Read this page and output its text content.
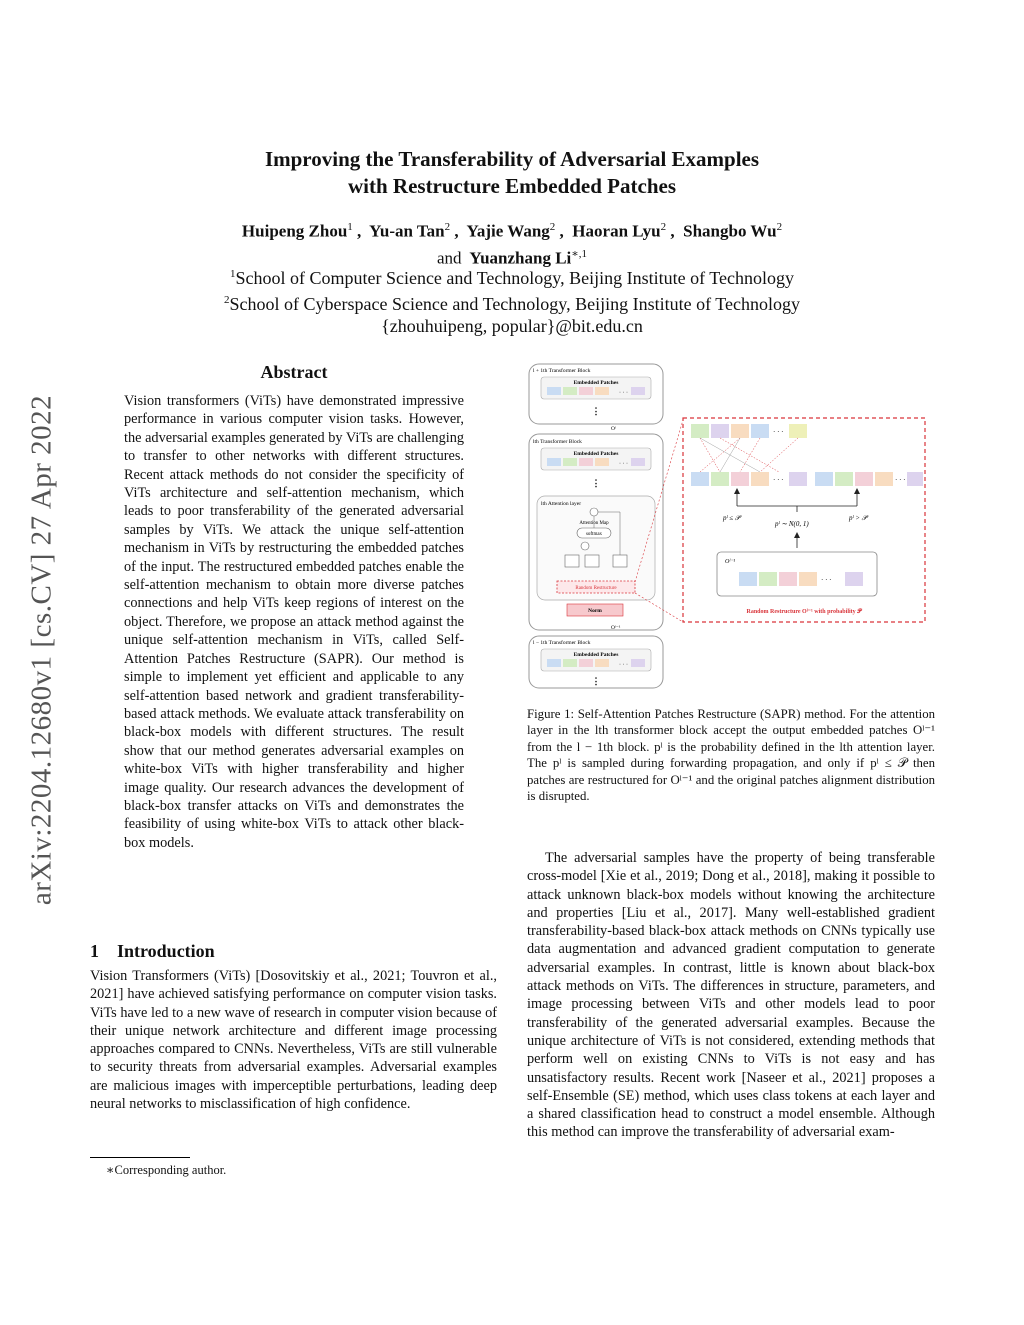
arXiv:2204.12680v1 [cs.CV] 27 Apr 2022
Improving the Transferability of Adversarial Examples
with Restructure Embedded Patches
Huipeng Zhou$^1$ ,  Yu-an Tan$^2$ ,  Yajie Wang$^2$ ,  Haoran Lyu$^2$ ,  Shangbo Wu$^2$
and Yuanzhang $Li^{∗,1}$
$^1$School of Computer Science and Technology, Beijing Institute of Technology
$^2$School of Cyberspace Science and Technology, Beijing Institute of Technology
{zhouhuipeng, popular}@bit.edu.cn
Abstract
Vision transformers (ViTs) have demonstrated impressive performance in various computer vision tasks. However, the adversarial examples generated by ViTs are challenging to transfer to other networks with different structures. Recent attack methods do not consider the specificity of ViTs architecture and self-attention mechanism, which leads to poor transferability of the generated adversarial samples by ViTs. We attack the unique self-attention mechanism in ViTs by restructuring the embedded patches of the input. The restructured embedded patches enable the self-attention mechanism to obtain more diverse patches connections and help ViTs keep regions of interest on the object. Therefore, we propose an attack method against the unique self-attention mechanism in ViTs, called Self-Attention Patches Restructure (SAPR). Our method is simple to implement yet efficient and applicable to any self-attention based network and gradient transferability-based attack methods. We evaluate attack transferability on black-box models with different structures. The result show that our method generates adversarial examples on white-box ViTs with higher transferability and higher image quality. Our research advances the development of black-box transfer attacks on ViTs and demonstrates the feasibility of using white-box ViTs to attack other black-box models.
1 Introduction
Vision Transformers (ViTs) [Dosovitskiy et al., 2021; Touvron et al., 2021] have achieved satisfying performance on computer vision tasks. ViTs have led to a new wave of research in computer vision because of their unique network architecture and different image processing approaches compared to CNNs. Nevertheless, ViTs are still vulnerable to security threats from adversarial examples. Adversarial examples are malicious images with imperceptible perturbations, leading deep neural networks to misclassification of high confidence.
∗Corresponding author.
l + 1th Transformer Block
Embedded Patches
· · ·
⋮
Oˡ
lth Transformer Block
Embedded Patches
· · ·
⋮
lth Attention layer
Attention Map
softmax
Random Restructure
Norm
Oˡ⁻¹
l − 1th Transformer Block
Embedded Patches
· · ·
⋮
· · ·
· · ·	· · ·
pˡ ≤ 𝒫	pˡ > 𝒫
pˡ ∼ N(0, 1)
Oˡ⁻¹
· · ·
Random Restructure Oˡ⁻¹ with probability 𝒫
Figure 1: Self-Attention Patches Restructure (SAPR) method. For the attention layer in the lth transformer block accept the output embedded patches Oˡ⁻¹ from the l − 1th block. pˡ is the probability defined in the lth attention layer. The pˡ is sampled during forwarding propagation, and only if pˡ ≤ 𝒫 then patches are restructured for Oˡ⁻¹ and the original patches alignment distribution is disrupted.

The adversarial samples have the property of being transferable cross-model [Xie et al., 2019; Dong et al., 2018], making it possible to attack unknown black-box models without knowing the architecture and properties [Liu et al., 2017]. Many well-established gradient transferability-based black-box attack methods on CNNs typically use data augmentation and advanced gradient computation to generate adversarial examples. In contrast, little is known about black-box attack methods on ViTs. The differences in structure, parameters, and image processing between ViTs and other models lead to poor transferability of the generated adversarial examples. Because the unique architecture of ViTs is not considered, extending methods that perform well on existing CNNs to ViTs is not easy and has unsatisfactory results. Recent work [Naseer et al., 2021] proposes a self-Ensemble (SE) method, which uses class tokens at each layer and a shared classification head to construct a model ensemble. Although this method can improve the transferability of adversarial exam-
